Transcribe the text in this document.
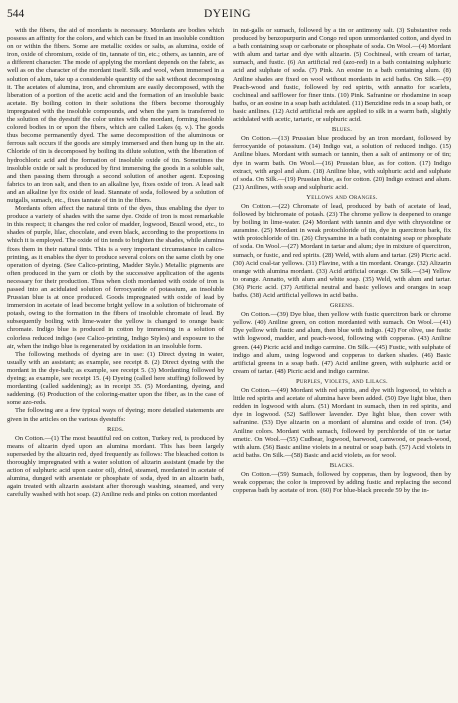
544	DYEING

with the fibers, the aid of mordants is necessary. Mordants are bodies which possess an affinity for the colors, and which can be fixed in an insoluble condition on or within the fibers. Some are metallic oxides or salts, as alumina, oxide of iron, oxide of chromium, oxide of tin, tannate of tin, etc.; others, as tannin, are of a different character. The mode of applying the mordant depends on the fabric, as well as on the character of the mordant itself. Silk and wool, when immersed in a solution of alum, take up a considerable quantity of the salt without decomposing it. The acetates of alumina, iron, and chromium are easily decomposed, with the liberation of a portion of the acetic acid and the formation of an insoluble basic acetate. By boiling cotton in their solutions the fibers become thoroughly impregnated with the insoluble compounds, and when the yarn is transferred to the solution of the dyestuff the color unites with the mordant, forming insoluble colored bodies in or upon the fibers, which are called Lakes (q. v.). The goods thus become permanently dyed. The same decomposition of the aluminous or ferrous salt occurs if the goods are simply immersed and then hung up in the air. Chloride of tin is decomposed by boiling its dilute solution, with the liberation of hydrochloric acid and the formation of insoluble oxide of tin. Sometimes the insoluble oxide or salt is produced by first immersing the goods in a soluble salt, and then passing them through a second solution of another agent. Exposing fabrics to an iron salt, and then to an alkaline lye, fixes oxide of iron. A lead salt and an alkaline lye fix oxide of lead. Stannate of soda, followed by a solution of nutgalls, sumach, etc., fixes tannate of tin in the fibers.

Mordants often affect the natural tints of the dyes, thus enabling the dyer to produce a variety of shades with the same dye. Oxide of iron is most remarkable in this respect; it changes the red color of madder, logwood, Brazil wood, etc., to shades of purple, lilac, chocolate, and even black, according to the proportions in which it is employed. The oxide of tin tends to brighten the shades, while alumina fixes them in their natural tints. This is a very important circumstance in calico-printing, as it enables the dyer to produce several colors on the same cloth by one operation of dyeing. (See Calico-printing, Madder Style.) Metallic pigments are often produced in the yarn or cloth by the successive application of the agents necessary for their production. Thus when cloth mordanted with oxide of iron is passed into an acidulated solution of ferrocyanide of potassium, an insoluble Prussian blue is at once produced. Goods impregnated with oxide of lead by immersion in acetate of lead become bright yellow in a solution of bichromate of potash, owing to the formation in the fibers of insoluble chromate of lead. By subsequently boiling with lime-water the yellow is changed to orange basic chromate. Indigo blue is produced in cotton by immersing in a solution of colorless reduced indigo (see Calico-printing, Indigo Styles) and exposure to the air, when the indigo blue is regenerated by oxidation in an insoluble form.

The following methods of dyeing are in use: (1) Direct dyeing in water, usually with an assistant; as example, see receipt 8. (2) Direct dyeing with the mordant in the dye-bath; as example, see receipt 5. (3) Mordanting followed by dyeing; as example, see receipt 15. (4) Dyeing (called here stuffing) followed by mordanting (called saddening); as in receipt 35. (5) Mordanting, dyeing, and saddening. (6) Production of the coloring-matter upon the fiber, as in the case of some azo-reds.

The following are a few typical ways of dyeing; more detailed statements are given in the articles on the various dyestuffs:

Reds.

On Cotton.—(1) The most beautiful red on cotton, Turkey red, is produced by means of alizarin dyed upon an alumina mordant. This has been largely superseded by the alizarin red, dyed frequently as follows: The bleached cotton is thoroughly impregnated with a water solution of alizarin assistant (made by the action of sulphuric acid upon castor oil), dried, steamed, mordanted in acetate of alumina, dunged with arseniate or phosphate of soda, dyed in an alizarin bath, again treated with alizarin assistant after thorough washing, steamed, and very carefully washed with hot soap. (2) Aniline reds and pinks on cotton mordanted

in nut-galls or sumach, followed by a tin or antimony salt. (3) Substantive reds produced by benzopurpurin and Congo red upon unmordanted cotton, and dyed in a bath containing soap or carbonate or phosphate of soda. On Wool.—(4) Mordant with alum and tartar and dye with alizarin. (5) Cochineal, with cream of tartar, sumach, and fustic. (6) An artificial red (azo-red) in a bath containing sulphuric acid and sulphate of soda. (7) Pink. An eosine in a bath containing alum. (8) Aniline shades are fixed on wool without mordants in acid baths. On Silk.—(9) Peach-wood and fustic, followed by red spirits, with annatto for scarlets, cochineal and safflower for finer tints. (10) Pink. Safranine or rhodamine in soap baths, or an eosine in a soap bath acidulated. (11) Benzidine reds in a soap bath, or basic anilines. (12) Acid artificial reds are applied to silk in a warm bath, slightly acidulated with acetic, tartaric, or sulphuric acid.

Blues.

On Cotton.—(13) Prussian blue produced by an iron mordant, followed by ferrocyanide of potassium. (14) Indigo vat, a solution of reduced indigo. (15) Aniline blues. Mordant with sumach or tannin, then a salt of antimony or of tin; dye in warm bath. On Wool.—(16) Prussian blue, as for cotton. (17) Indigo extract, with argol and alum. (18) Aniline blue, with sulphuric acid and sulphate of soda. On Silk.—(19) Prussian blue, as for cotton. (20) Indigo extract and alum. (21) Anilines, with soap and sulphuric acid.

Yellows and Oranges.

On Cotton.—(22) Chromate of lead, produced by bath of acetate of lead, followed by bichromate of potash. (23) The chrome yellow is deepened to orange by boiling in lime-water. (24) Mordant with tannin and dye with chrysoidine or auramine. (25) Mordant in weak protochloride of tin, dye in quercitron bark, fix with protochloride of tin. (26) Chrysamine in a bath containing soap or phosphate of soda. On Wool.—(27) Mordant in tartar and alum; dye in mixture of quercitron, sumach, or fustic, and red spirits. (28) Weld, with alum and tartar. (29) Picric acid. (30) Acid coal-tar yellows. (31) Flavine, with a tin mordant. Orange. (32) Alizarin orange with alumina mordant. (33) Acid artificial orange. On Silk.—(34) Yellow to orange. Annatto, with alum and white soap. (35) Weld, with alum and tartar. (36) Picric acid. (37) Artificial neutral and basic yellows and oranges in soap baths. (38) Acid artificial yellows in acid baths.

Greens.

On Cotton.—(39) Dye blue, then yellow with fustic quercitron bark or chrome yellow. (40) Aniline green, on cotton mordanted with sumach. On Wool.—(41) Dye yellow with fustic and alum, then blue with indigo. (42) For olive, use fustic with logwood, madder, and peach-wood, following with copperas. (43) Aniline green. (44) Picric acid and indigo carmine. On Silk.—(45) Fustic, with sulphate of indigo and alum, using logwood and copperas to darken shades. (46) Basic artificial greens in a soap bath. (47) Acid aniline green, with sulphuric acid or cream of tartar. (48) Picric acid and indigo carmine.

Purples, Violets, and Lilacs.

On Cotton.—(49) Mordant with red spirits, and dye with logwood, to which a little red spirits and acetate of alumina have been added. (50) Dye light blue, then redden in logwood with alum. (51) Mordant in sumach, then in red spirits, and dye in logwood. (52) Safflower lavender. Dye light blue, then cover with safranine. (53) Dye alizarin on a mordant of alumina and oxide of iron. (54) Aniline colors. Mordant with sumach, followed by perchloride of tin or tartar emetic. On Wool.—(55) Cudbear, logwood, barwood, camwood, or peach-wood, with alum. (56) Basic aniline violets in a neutral or soap bath. (57) Acid violets in acid baths. On Silk.—(58) Basic and acid violets, as for wool.

Blacks.

On Cotton.—(59) Sumach, followed by copperas, then by logwood, then by weak copperas; the color is improved by adding fustic and replacing the second copperas bath by acetate of iron. (60) For blue-black precede 59 by the in-
